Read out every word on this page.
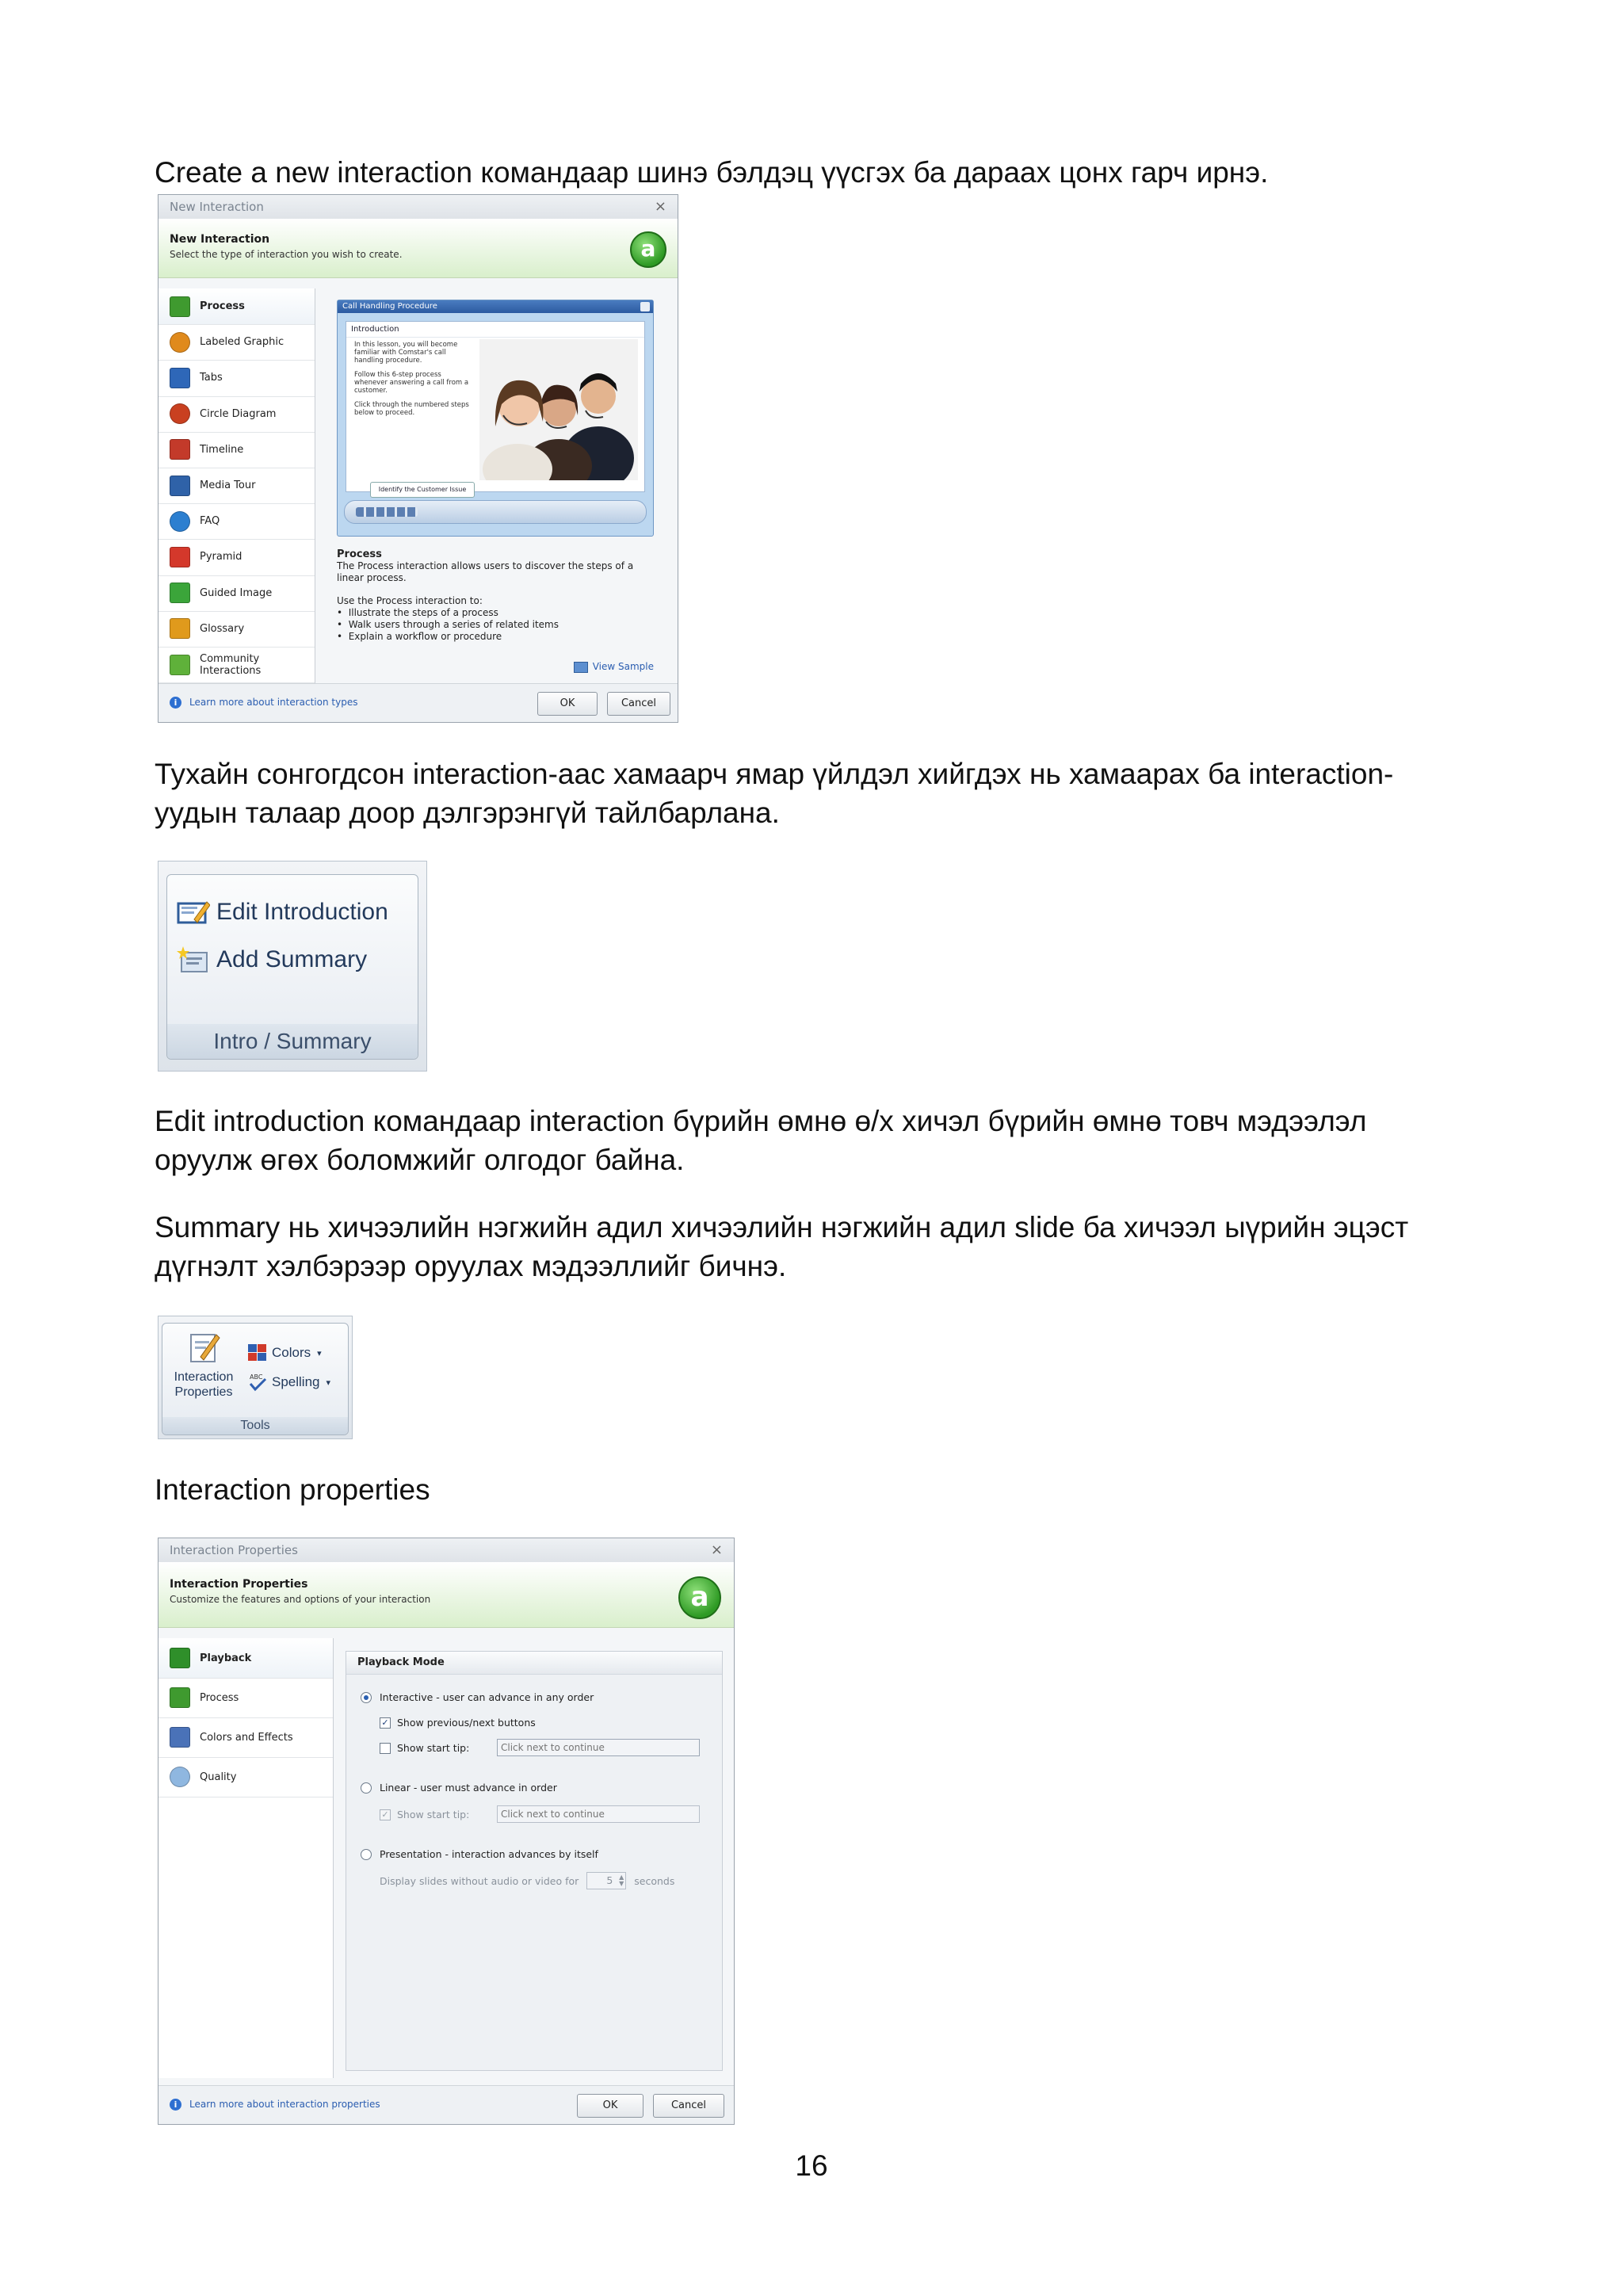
Create a new interaction командаар шинэ бэлдэц үүсгэх ба дараах цонх гарч ирнэ.

New Interaction	×
New Interaction
Select the type of interaction you wish to create.	a
Process
Labeled Graphic
Tabs
Circle Diagram
Timeline
Media Tour
FAQ
Pyramid
Guided Image
Glossary
Community Interactions
Call Handling Procedure
Introduction
In this lesson, you will become familiar with Comstar's call handling procedure.
Follow this 6-step process whenever answering a call from a customer.
Click through the numbered steps below to proceed.
Identify the Customer Issue
Process
The Process interaction allows users to discover the steps of a linear process.
Use the Process interaction to:
•  Illustrate the steps of a process
•  Walk users through a series of related items
•  Explain a workflow or procedure
View Sample
i Learn more about interaction types	OK	Cancel

Тухайн сонгогдсон interaction-аас хамаарч ямар үйлдэл хийгдэх нь хамаарах ба interaction-
уудын талаар доор дэлгэрэнгүй тайлбарлана.

Edit Introduction
Add Summary
Intro / Summary

Edit introduction командаар interaction бүрийн өмнө ө/х хичэл бүрийн өмнө товч мэдээлэл
оруулж өгөх боломжийг олгодог байна.

Summary нь хичээлийн нэгжийн адил хичээлийн нэгжийн адил slide ба хичээл ыүрийн эцэст
дүгнэлт хэлбэрээр оруулах мэдээллийг бичнэ.

Interaction Properties
Colors ▾
ABC Spelling ▾
Tools

Interaction properties

Interaction Properties	×
Interaction Properties
Customize the features and options of your interaction	a
Playback
Process
Colors and Effects
Quality
Playback Mode
Interactive - user can advance in any order
✓ Show previous/next buttons
Show start tip:
Click next to continue
Linear - user must advance in order
✓ Show start tip:
Click next to continue
Presentation - interaction advances by itself
Display slides without audio or video for	5 ▲
▼ seconds
i Learn more about interaction properties	OK	Cancel
16
